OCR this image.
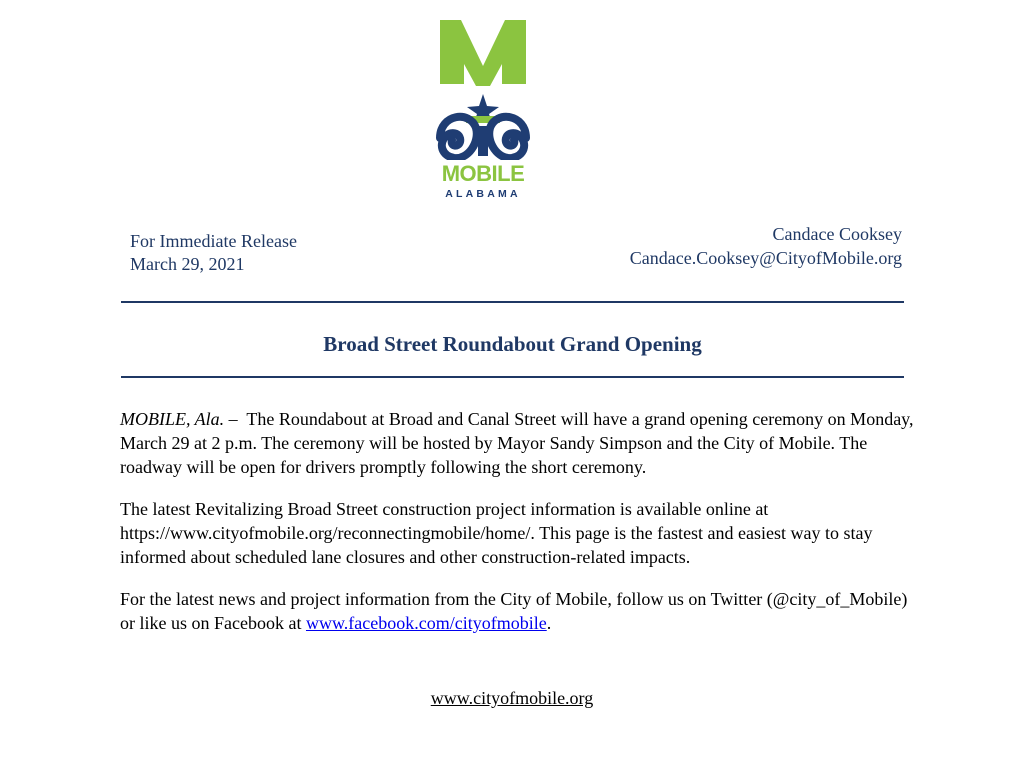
MOBILE
ALABAMA
For Immediate Release
March 29, 2021
Candace Cooksey
Candace.Cooksey@CityofMobile.org
Broad Street Roundabout Grand Opening

MOBILE, Ala. – The Roundabout at Broad and Canal Street will have a grand opening ceremony on Monday, March 29 at 2 p.m. The ceremony will be hosted by Mayor Sandy Simpson and the City of Mobile. The roadway will be open for drivers promptly following the short ceremony.

The latest Revitalizing Broad Street construction project information is available online at https://www.cityofmobile.org/reconnectingmobile/home/. This page is the fastest and easiest way to stay informed about scheduled lane closures and other construction-related impacts.

For the latest news and project information from the City of Mobile, follow us on Twitter (@city_of_Mobile) or like us on Facebook at www.facebook.com/cityofmobile.

www.cityofmobile.org
